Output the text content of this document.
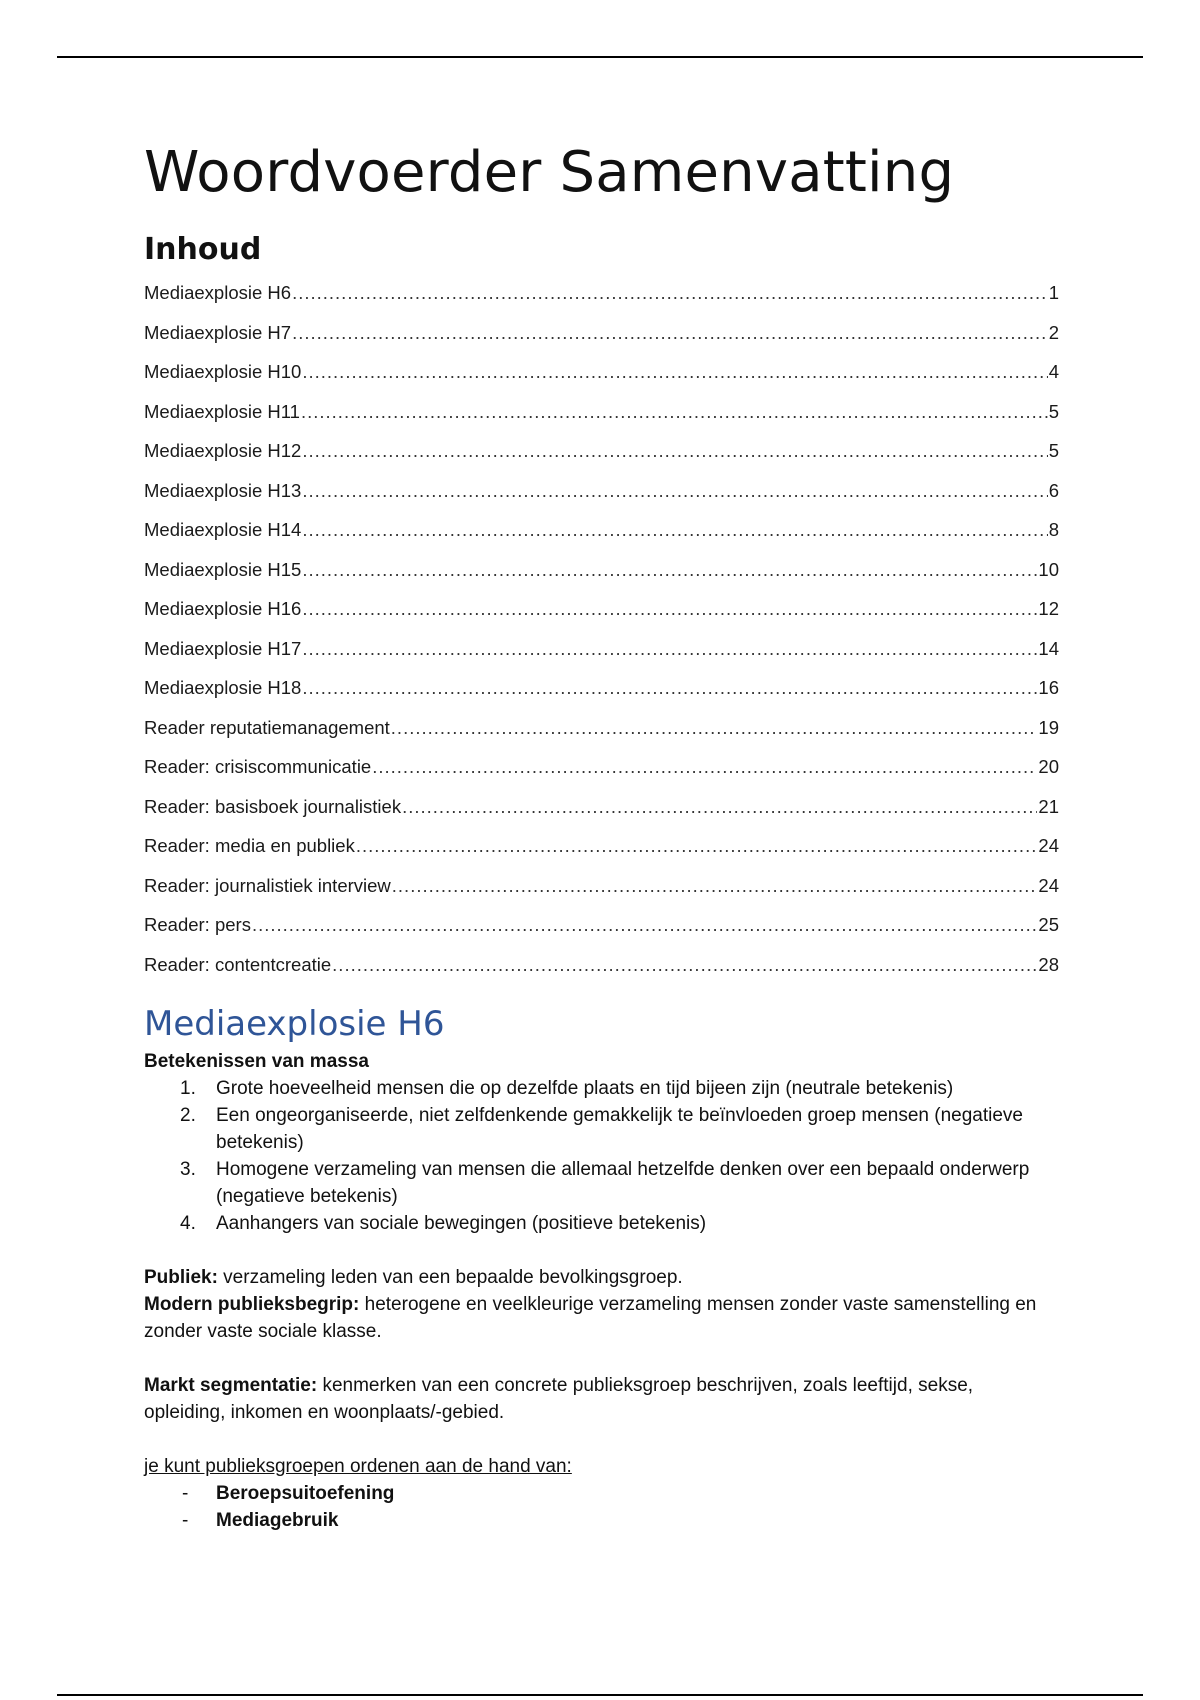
Woordvoerder Samenvatting
Inhoud
Mediaexplosie H6 .....	1
Mediaexplosie H7 .....	2
Mediaexplosie H10 .....	4
Mediaexplosie H11 .....	5
Mediaexplosie H12 .....	5
Mediaexplosie H13 .....	6
Mediaexplosie H14 .....	8
Mediaexplosie H15 .....	10
Mediaexplosie H16 .....	12
Mediaexplosie H17 .....	14
Mediaexplosie H18 .....	16
Reader reputatiemanagement .....	19
Reader: crisiscommunicatie .....	20
Reader: basisboek journalistiek .....	21
Reader: media en publiek .....	24
Reader: journalistiek interview .....	24
Reader: pers .....	25
Reader: contentcreatie .....	28
Mediaexplosie H6

Betekenissen van massa

1. Grote hoeveelheid mensen die op dezelfde plaats en tijd bijeen zijn (neutrale betekenis)
2. Een ongeorganiseerde, niet zelfdenkende gemakkelijk te beïnvloeden groep mensen (negatieve betekenis)
3. Homogene verzameling van mensen die allemaal hetzelfde denken over een bepaald onderwerp (negatieve betekenis)
4. Aanhangers van sociale bewegingen (positieve betekenis)

Publiek: verzameling leden van een bepaalde bevolkingsgroep.

Modern publieksbegrip: heterogene en veelkleurige verzameling mensen zonder vaste samenstelling en zonder vaste sociale klasse.

Markt segmentatie: kenmerken van een concrete publieksgroep beschrijven, zoals leeftijd, sekse, opleiding, inkomen en woonplaats/-gebied.

je kunt publieksgroepen ordenen aan de hand van:

- Beroepsuitoefening
- Mediagebruik
